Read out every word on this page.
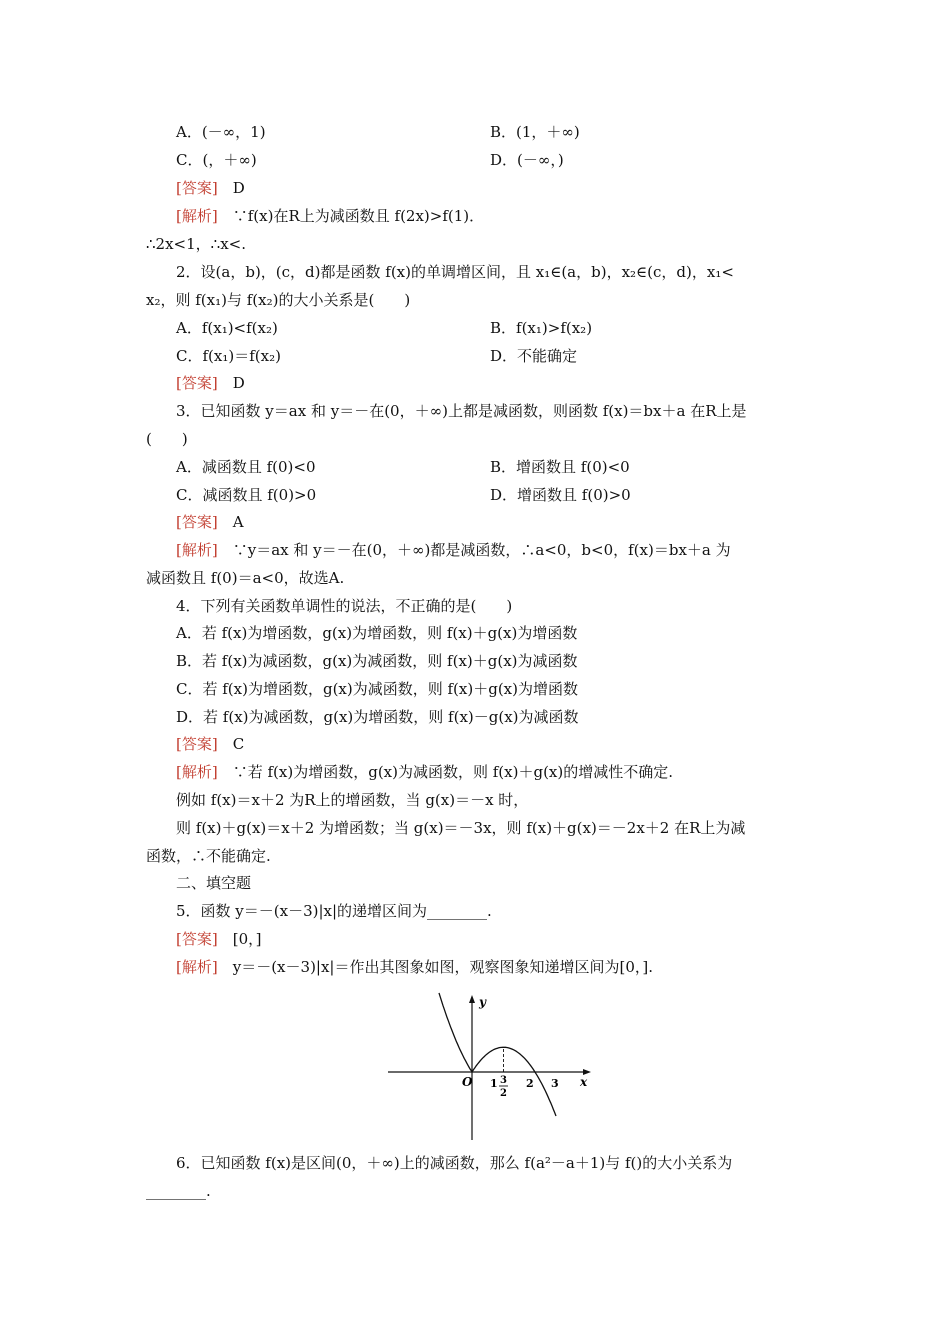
A．(－∞，1)	B．(1，＋∞)
C．(，＋∞)	D．(－∞，)
[答案]　 D
[解析]　 ∵f(x)在R上为减函数且 f(2x)>f(1)．
∴2x<1，∴x<.
2．设(a，b)，(c，d)都是函数 f(x)的单调增区间，且 x₁∈(a，b)，x₂∈(c，d)，x₁<
x₂，则 f(x₁)与 f(x₂)的大小关系是(　　)
A．f(x₁)<f(x₂)	B．f(x₁)>f(x₂)
C．f(x₁)＝f(x₂)	D．不能确定
[答案]　 D
3．已知函数 y＝ax 和 y＝－在(0，＋∞)上都是减函数，则函数 f(x)＝bx＋a 在R上是
(　　)
A．减函数且 f(0)<0	B．增函数且 f(0)<0
C．减函数且 f(0)>0	D．增函数且 f(0)>0
[答案]　 A
[解析]　 ∵y＝ax 和 y＝－在(0，＋∞)都是减函数，∴a<0，b<0，f(x)＝bx＋a 为
减函数且 f(0)＝a<0，故选A.
4．下列有关函数单调性的说法，不正确的是(　　)
A．若 f(x)为增函数，g(x)为增函数，则 f(x)＋g(x)为增函数
B．若 f(x)为减函数，g(x)为减函数，则 f(x)＋g(x)为减函数
C．若 f(x)为增函数，g(x)为减函数，则 f(x)＋g(x)为增函数
D．若 f(x)为减函数，g(x)为增函数，则 f(x)－g(x)为减函数
[答案]　 C
[解析]　 ∵若 f(x)为增函数，g(x)为减函数，则 f(x)＋g(x)的增减性不确定.
例如 f(x)＝x＋2 为R上的增函数，当 g(x)＝－x 时，
则 f(x)＋g(x)＝x＋2 为增函数；当 g(x)＝－3x，则 f(x)＋g(x)＝－2x＋2 在R上为减
函数，∴不能确定.
二、填空题
5．函数 y＝－(x－3)|x|的递增区间为________.
[答案]　 [0，]
[解析]　 y＝－(x－3)|x|＝作出其图象如图，观察图象知递增区间为[0，].
y
x
O 1 3
2
2 3
6．已知函数 f(x)是区间(0，＋∞)上的减函数，那么 f(a²－a＋1)与 f()的大小关系为
________.
